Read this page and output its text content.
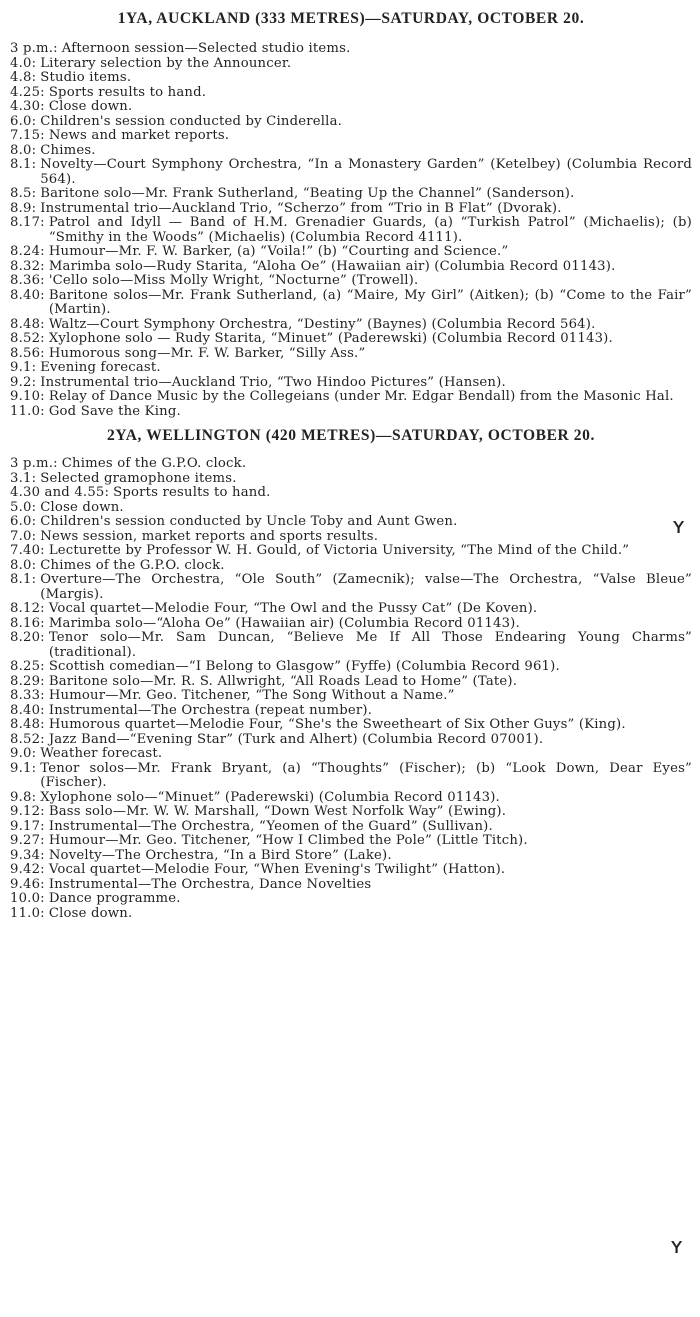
1YA, AUCKLAND (333 METRES)—SATURDAY, OCTOBER 20.
3 p.m.: Afternoon session—Selected studio items.
4.0: Literary selection by the Announcer.
4.8: Studio items.
4.25: Sports results to hand.
4.30: Close down.
6.0: Children's session conducted by Cinderella.
7.15: News and market reports.
8.0: Chimes.
8.1: Novelty—Court Symphony Orchestra, “In a Monastery Garden” (Ketelbey) (Columbia Record 564).
8.5: Baritone solo—Mr. Frank Sutherland, “Beating Up the Channel” (Sanderson).
8.9: Instrumental trio—Auckland Trio, “Scherzo” from “Trio in B Flat” (Dvorak).
8.17: Patrol and Idyll — Band of H.M. Grenadier Guards, (a) “Turkish Patrol” (Michaelis); (b) “Smithy in the Woods” (Michaelis) (Columbia Record 4111).
8.24: Humour—Mr. F. W. Barker, (a) “Voila!” (b) “Courting and Science.”
8.32: Marimba solo—Rudy Starita, “Aloha Oe” (Hawaiian air) (Columbia Record 01143).
8.36: 'Cello solo—Miss Molly Wright, “Nocturne” (Trowell).
8.40: Baritone solos—Mr. Frank Sutherland, (a) “Maire, My Girl” (Aitken); (b) “Come to the Fair” (Martin).
8.48: Waltz—Court Symphony Orchestra, “Destiny” (Baynes) (Columbia Record 564).
8.52: Xylophone solo — Rudy Starita, “Minuet” (Paderewski) (Columbia Record 01143).
8.56: Humorous song—Mr. F. W. Barker, “Silly Ass.”
9.1: Evening forecast.
9.2: Instrumental trio—Auckland Trio, “Two Hindoo Pictures” (Hansen).
9.10: Relay of Dance Music by the Collegeians (under Mr. Edgar Bendall) from the Masonic Hal.
11.0: God Save the King.
2YA, WELLINGTON (420 METRES)—SATURDAY, OCTOBER 20.
3 p.m.: Chimes of the G.P.O. clock.
3.1: Selected gramophone items.
4.30 and 4.55: Sports results to hand.
5.0: Close down.
6.0: Children's session conducted by Uncle Toby and Aunt Gwen.
7.0: News session, market reports and sports results.
7.40: Lecturette by Professor W. H. Gould, of Victoria University, “The Mind of the Child.”
8.0: Chimes of the G.P.O. clock.
8.1: Overture—The Orchestra, “Ole South” (Zamecnik); valse—The Orchestra, “Valse Bleue” (Margis).
8.12: Vocal quartet—Melodie Four, “The Owl and the Pussy Cat” (De Koven).
8.16: Marimba solo—“Aloha Oe” (Hawaiian air) (Columbia Record 01143).
8.20: Tenor solo—Mr. Sam Duncan, “Believe Me If All Those Endearing Young Charms” (traditional).
8.25: Scottish comedian—“I Belong to Glasgow” (Fyffe) (Columbia Record 961).
8.29: Baritone solo—Mr. R. S. Allwright, “All Roads Lead to Home” (Tate).
8.33: Humour—Mr. Geo. Titchener, “The Song Without a Name.”
8.40: Instrumental—The Orchestra (repeat number).
8.48: Humorous quartet—Melodie Four, “She's the Sweetheart of Six Other Guys” (King).
8.52: Jazz Band—“Evening Star” (Turk and Alhert) (Columbia Record 07001).
9.0: Weather forecast.
9.1: Tenor solos—Mr. Frank Bryant, (a) “Thoughts” (Fischer); (b) “Look Down, Dear Eyes” (Fischer).
9.8: Xylophone solo—“Minuet” (Paderewski) (Columbia Record 01143).
9.12: Bass solo—Mr. W. W. Marshall, “Down West Norfolk Way” (Ewing).
9.17: Instrumental—The Orchestra, “Yeomen of the Guard” (Sullivan).
9.27: Humour—Mr. Geo. Titchener, “How I Climbed the Pole” (Little Titch).
9.34: Novelty—The Orchestra, “In a Bird Store” (Lake).
9.42: Vocal quartet—Melodie Four, “When Evening's Twilight” (Hatton).
9.46: Instrumental—The Orchestra, Dance Novelties
10.0: Dance programme.
11.0: Close down.
ʏ
ʏ
